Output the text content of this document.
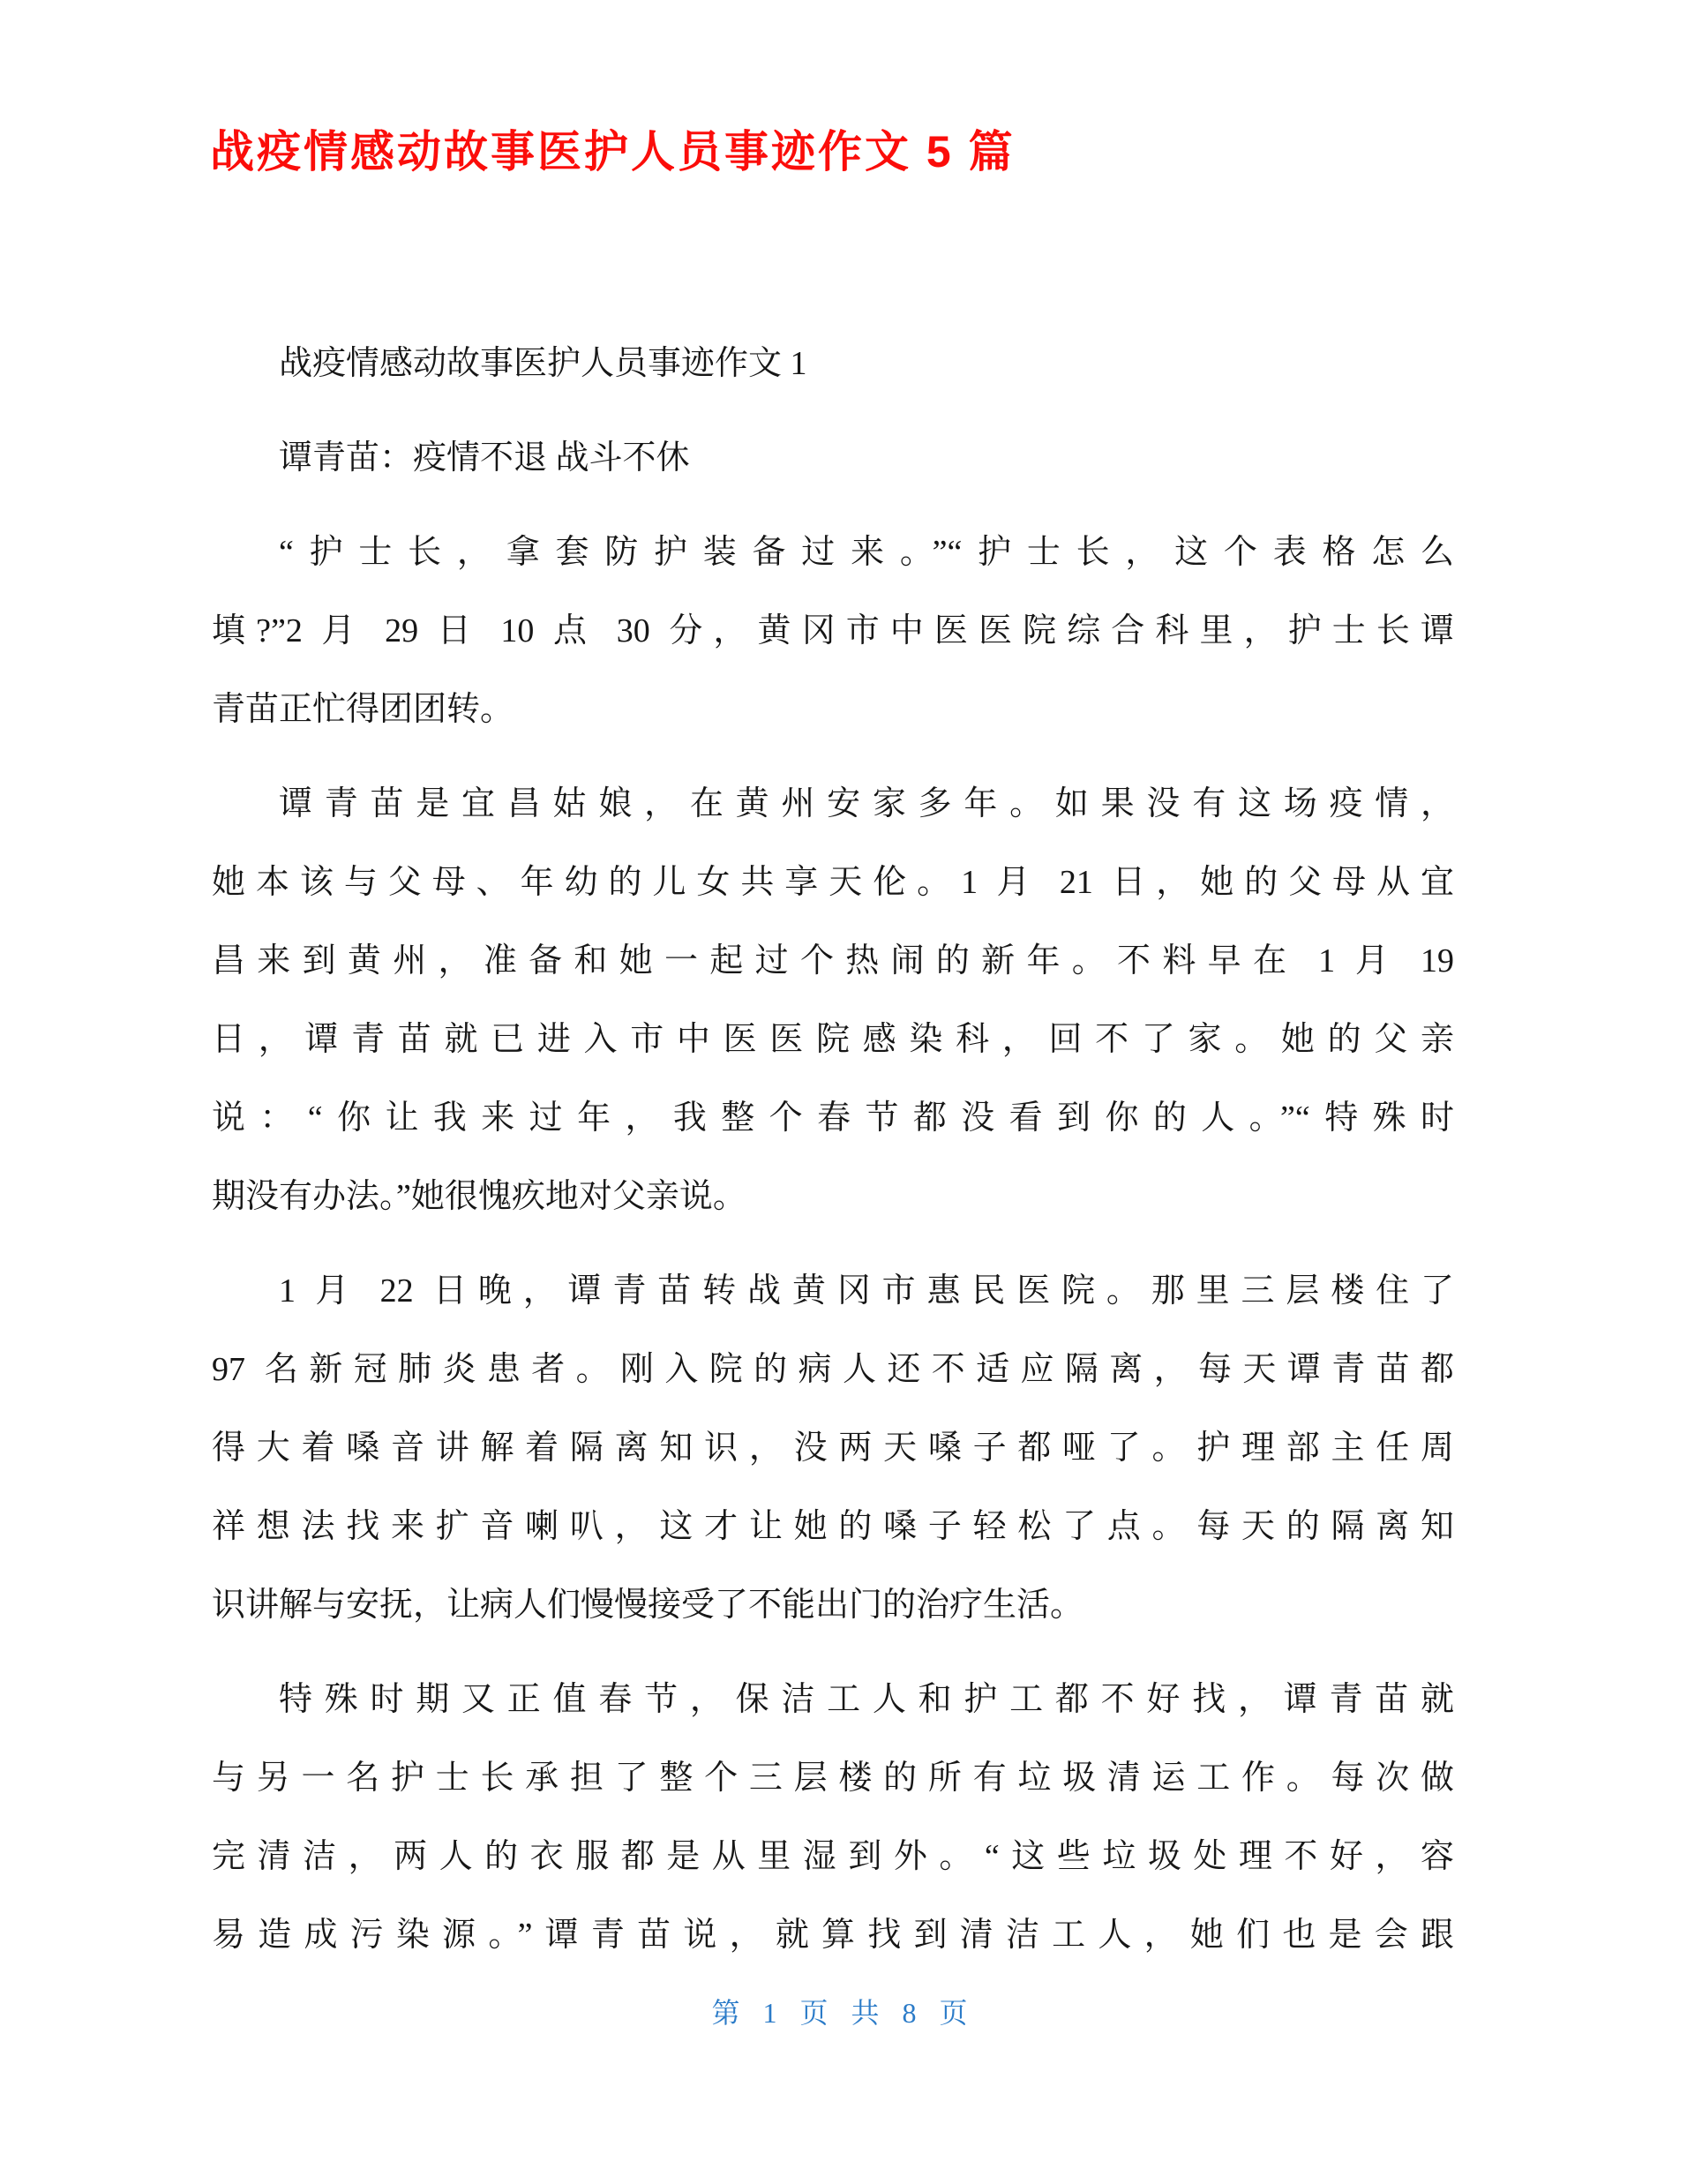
战疫情感动故事医护人员事迹作文 5 篇

战疫情感动故事医护人员事迹作文 1

谭青苗：疫情不退 战斗不休

“护士长，拿套防护装备过来。”“护士长，这个表格怎么
填?”2 月 29 日 10 点 30 分，黄冈市中医医院综合科里，护士长谭
青苗正忙得团团转。

谭青苗是宜昌姑娘，在黄州安家多年。如果没有这场疫情，
她本该与父母、年幼的儿女共享天伦。1 月 21 日，她的父母从宜
昌来到黄州，准备和她一起过个热闹的新年。不料早在 1 月 19
日，谭青苗就已进入市中医医院感染科，回不了家。她的父亲
说：“你让我来过年，我整个春节都没看到你的人。”“特殊时
期没有办法。”她很愧疚地对父亲说。

1 月 22 日晚，谭青苗转战黄冈市惠民医院。那里三层楼住了
97 名新冠肺炎患者。刚入院的病人还不适应隔离，每天谭青苗都
得大着嗓音讲解着隔离知识，没两天嗓子都哑了。护理部主任周
祥想法找来扩音喇叭，这才让她的嗓子轻松了点。每天的隔离知
识讲解与安抚，让病人们慢慢接受了不能出门的治疗生活。

特殊时期又正值春节，保洁工人和护工都不好找，谭青苗就
与另一名护士长承担了整个三层楼的所有垃圾清运工作。每次做
完清洁，两人的衣服都是从里湿到外。“这些垃圾处理不好，容
易造成污染源。”谭青苗说，就算找到清洁工人，她们也是会跟

第 1 页 共 8 页
